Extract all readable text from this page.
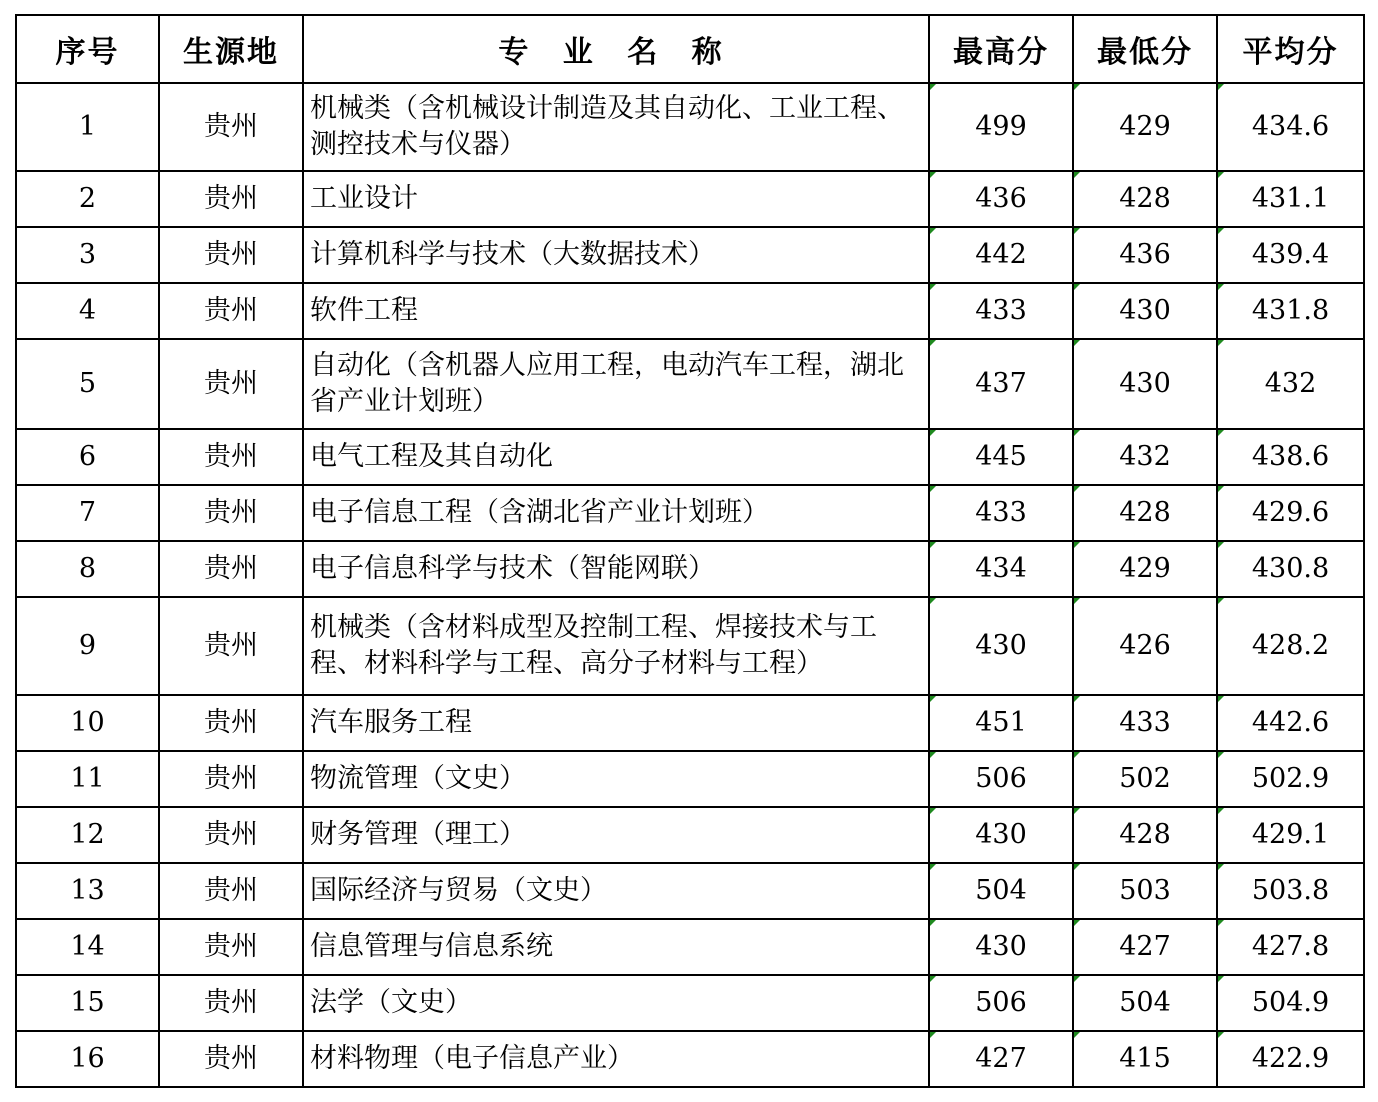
序号	生源地	专 业 名 称	最高分	最低分	平均分
1	贵州	机械类（含机械设计制造及其自动化、工业工程、测控技术与仪器）	499	429	434.6
2	贵州	工业设计	436	428	431.1
3	贵州	计算机科学与技术（大数据技术）	442	436	439.4
4	贵州	软件工程	433	430	431.8
5	贵州	自动化（含机器人应用工程，电动汽车工程，湖北省产业计划班）	437	430	432
6	贵州	电气工程及其自动化	445	432	438.6
7	贵州	电子信息工程（含湖北省产业计划班）	433	428	429.6
8	贵州	电子信息科学与技术（智能网联）	434	429	430.8
9	贵州	机械类（含材料成型及控制工程、焊接技术与工程、材料科学与工程、高分子材料与工程）	430	426	428.2
10	贵州	汽车服务工程	451	433	442.6
11	贵州	物流管理（文史）	506	502	502.9
12	贵州	财务管理（理工）	430	428	429.1
13	贵州	国际经济与贸易（文史）	504	503	503.8
14	贵州	信息管理与信息系统	430	427	427.8
15	贵州	法学（文史）	506	504	504.9
16	贵州	材料物理（电子信息产业）	427	415	422.9
